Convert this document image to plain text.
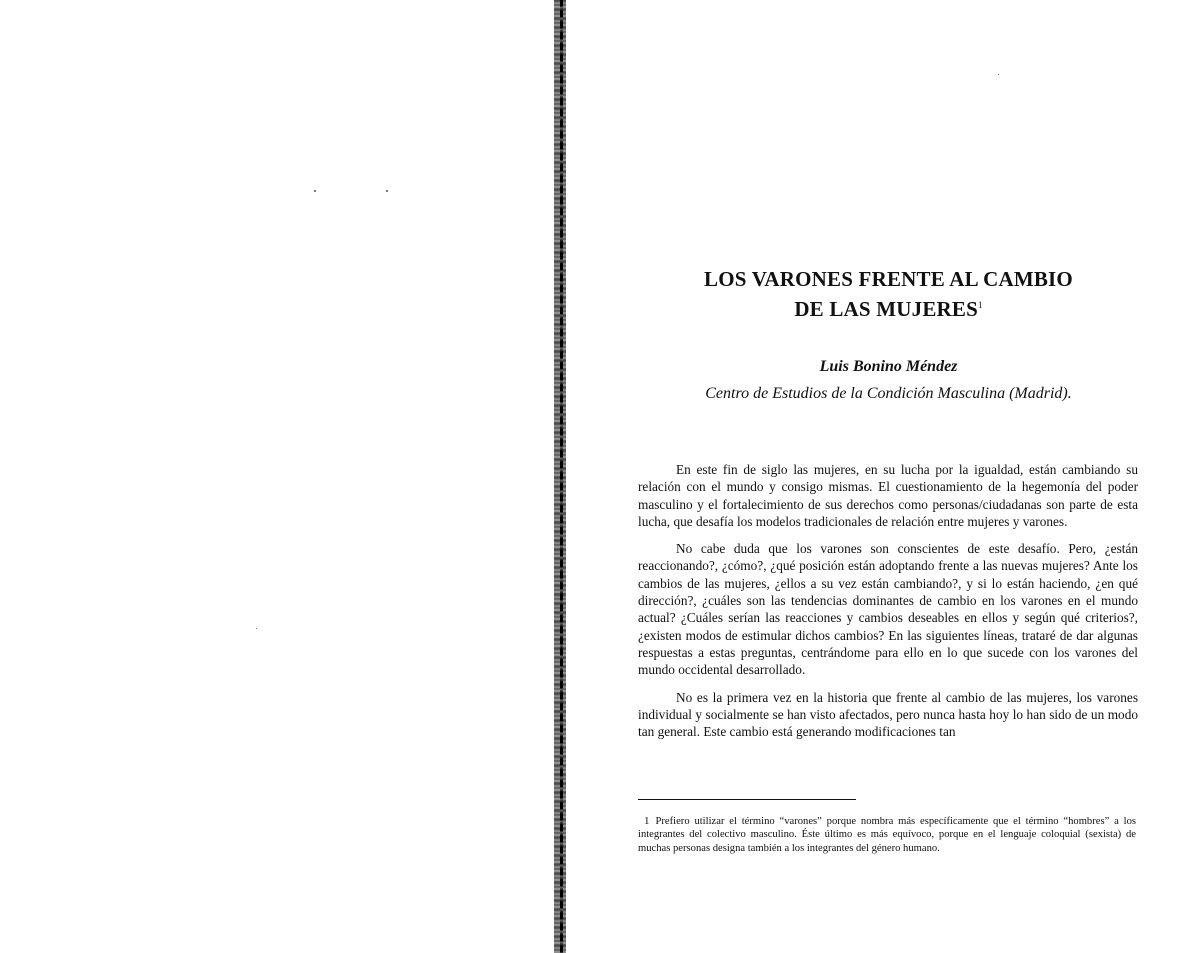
LOS VARONES FRENTE AL CAMBIO
DE LAS MUJERES$^1$
Luis Bonino Méndez
Centro de Estudios de la Condición Masculina (Madrid).

En este fin de siglo las mujeres, en su lucha por la igualdad, están cambiando su relación con el mundo y consigo mismas. El cuestionamiento de la hegemonía del poder masculino y el fortalecimiento de sus derechos como personas/ciudadanas son parte de esta lucha, que desafía los modelos tradicionales de relación entre mujeres y varones.

No cabe duda que los varones son conscientes de este desafío. Pero, ¿están reaccionando?, ¿cómo?, ¿qué posición están adoptando frente a las nuevas mujeres? Ante los cambios de las mujeres, ¿ellos a su vez están cambiando?, y si lo están haciendo, ¿en qué dirección?, ¿cuáles son las tendencias dominantes de cambio en los varones en el mundo actual? ¿Cuáles serían las reacciones y cambios deseables en ellos y según qué criterios?, ¿existen modos de estimular dichos cambios? En las siguientes líneas, trataré de dar algunas respuestas a estas preguntas, centrándome para ello en lo que sucede con los varones del mundo occidental desarrollado.

No es la primera vez en la historia que frente al cambio de las mujeres, los varones individual y socialmente se han visto afectados, pero nunca hasta hoy lo han sido de un modo tan general. Este cambio está generando modificaciones tan

1 Prefiero utilizar el término “varones” porque nombra más específicamente que el término “hombres” a los integrantes del colectivo masculino. Éste último es más equívoco, porque en el lenguaje coloquial (sexista) de muchas personas designa también a los integrantes del género humano.
